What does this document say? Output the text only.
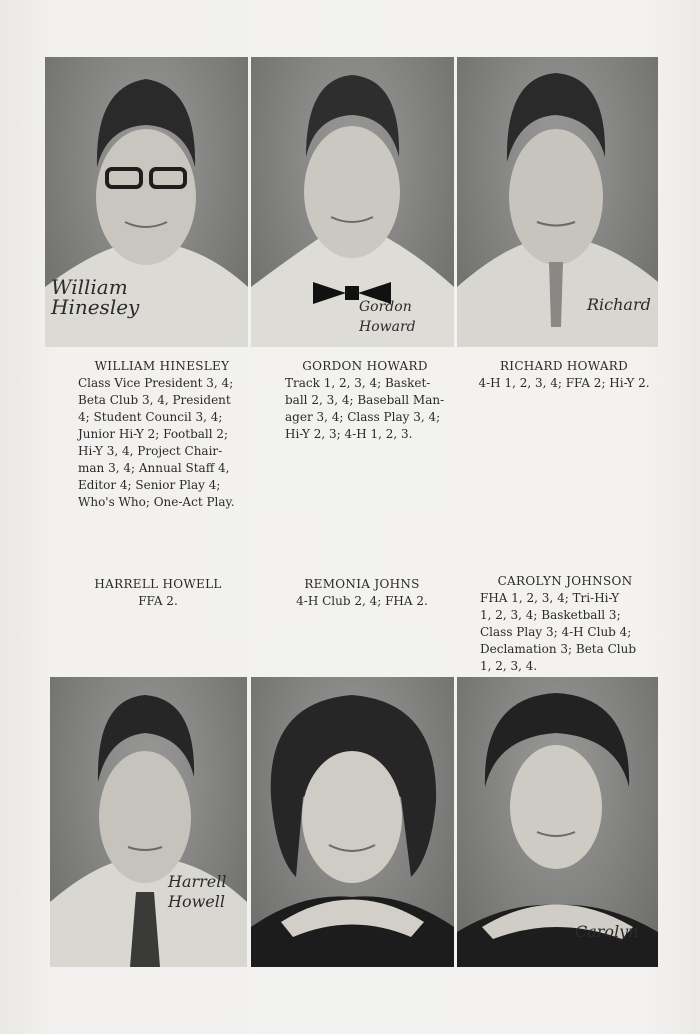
William
Hinesley	Gordon
Howard
Richard
WILLIAM HINESLEY
Class Vice President 3, 4;
Beta Club 3, 4, President
4; Student Council 3, 4;
Junior Hi-Y 2; Football 2;
Hi-Y 3, 4, Project Chair-
man 3, 4; Annual Staff 4,
Editor 4; Senior Play 4;
Who's Who; One-Act Play.
GORDON HOWARD
Track 1, 2, 3, 4; Basket-
ball 2, 3, 4; Baseball Man-
ager 3, 4; Class Play 3, 4;
Hi-Y 2, 3; 4-H 1, 2, 3.
RICHARD HOWARD
4-H 1, 2, 3, 4; FFA 2; Hi-Y 2.
HARRELL HOWELL
FFA 2.
REMONIA JOHNS
4-H Club 2, 4; FHA 2.
CAROLYN JOHNSON
FHA 1, 2, 3, 4; Tri-Hi-Y
1, 2, 3, 4; Basketball 3;
Class Play 3; 4-H Club 4;
Declamation 3; Beta Club
1, 2, 3, 4.
Harrell
Howell
Carolyn
